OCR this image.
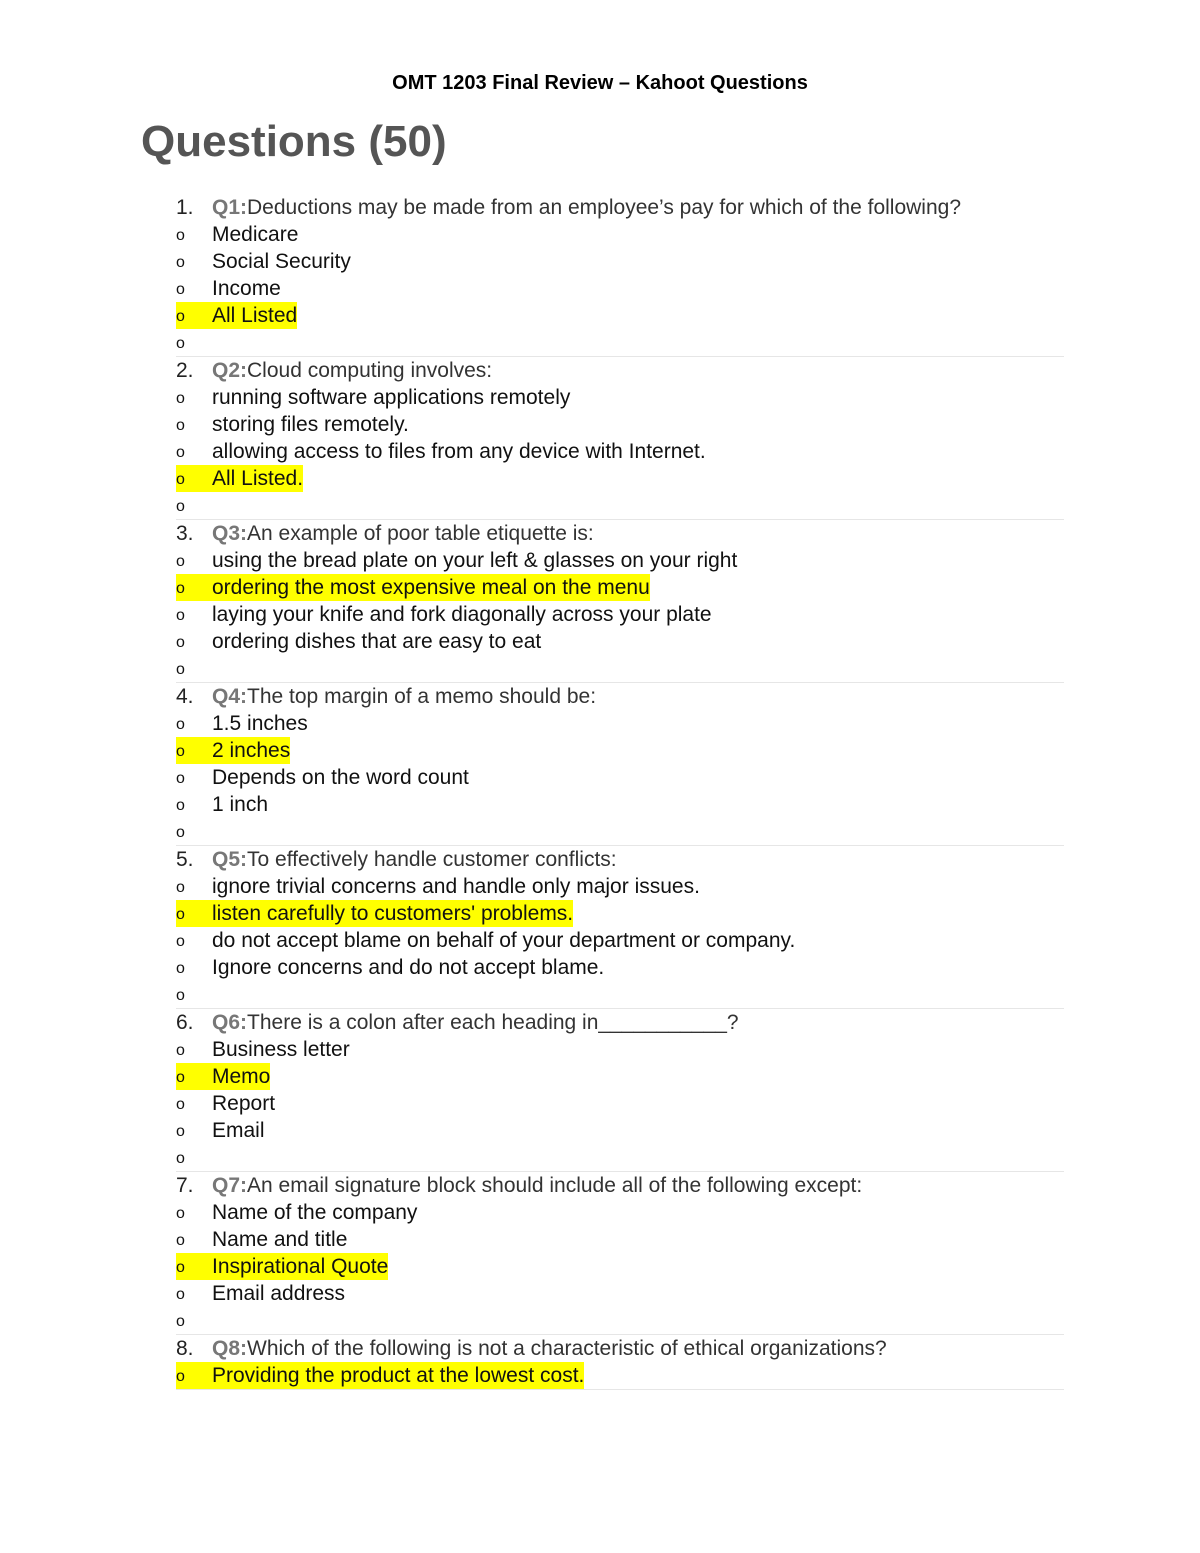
OMT 1203 Final Review – Kahoot Questions
Questions (50)
1. Q1:Deductions may be made from an employee’s pay for which of the following?
o	Medicare
o	Social Security
o	Income
o	All Listed
o
2. Q2:Cloud computing involves:
o	running software applications remotely
o	storing files remotely.
o	allowing access to files from any device with Internet.
o	All Listed.
o
3. Q3:An example of poor table etiquette is:
o	using the bread plate on your left & glasses on your right
o	ordering the most expensive meal on the menu
o	laying your knife and fork diagonally across your plate
o	ordering dishes that are easy to eat
o
4. Q4:The top margin of a memo should be:
o	1.5 inches
o	2 inches
o	Depends on the word count
o	1 inch
o
5. Q5:To effectively handle customer conflicts:
o	ignore trivial concerns and handle only major issues.
o	listen carefully to customers' problems.
o	do not accept blame on behalf of your department or company.
o	Ignore concerns and do not accept blame.
o
6. Q6:There is a colon after each heading in___________?
o	Business letter
o	Memo
o	Report
o	Email
o
7. Q7:An email signature block should include all of the following except:
o	Name of the company
o	Name and title
o	Inspirational Quote
o	Email address
o
8. Q8:Which of the following is not a characteristic of ethical organizations?
o	Providing the product at the lowest cost.
